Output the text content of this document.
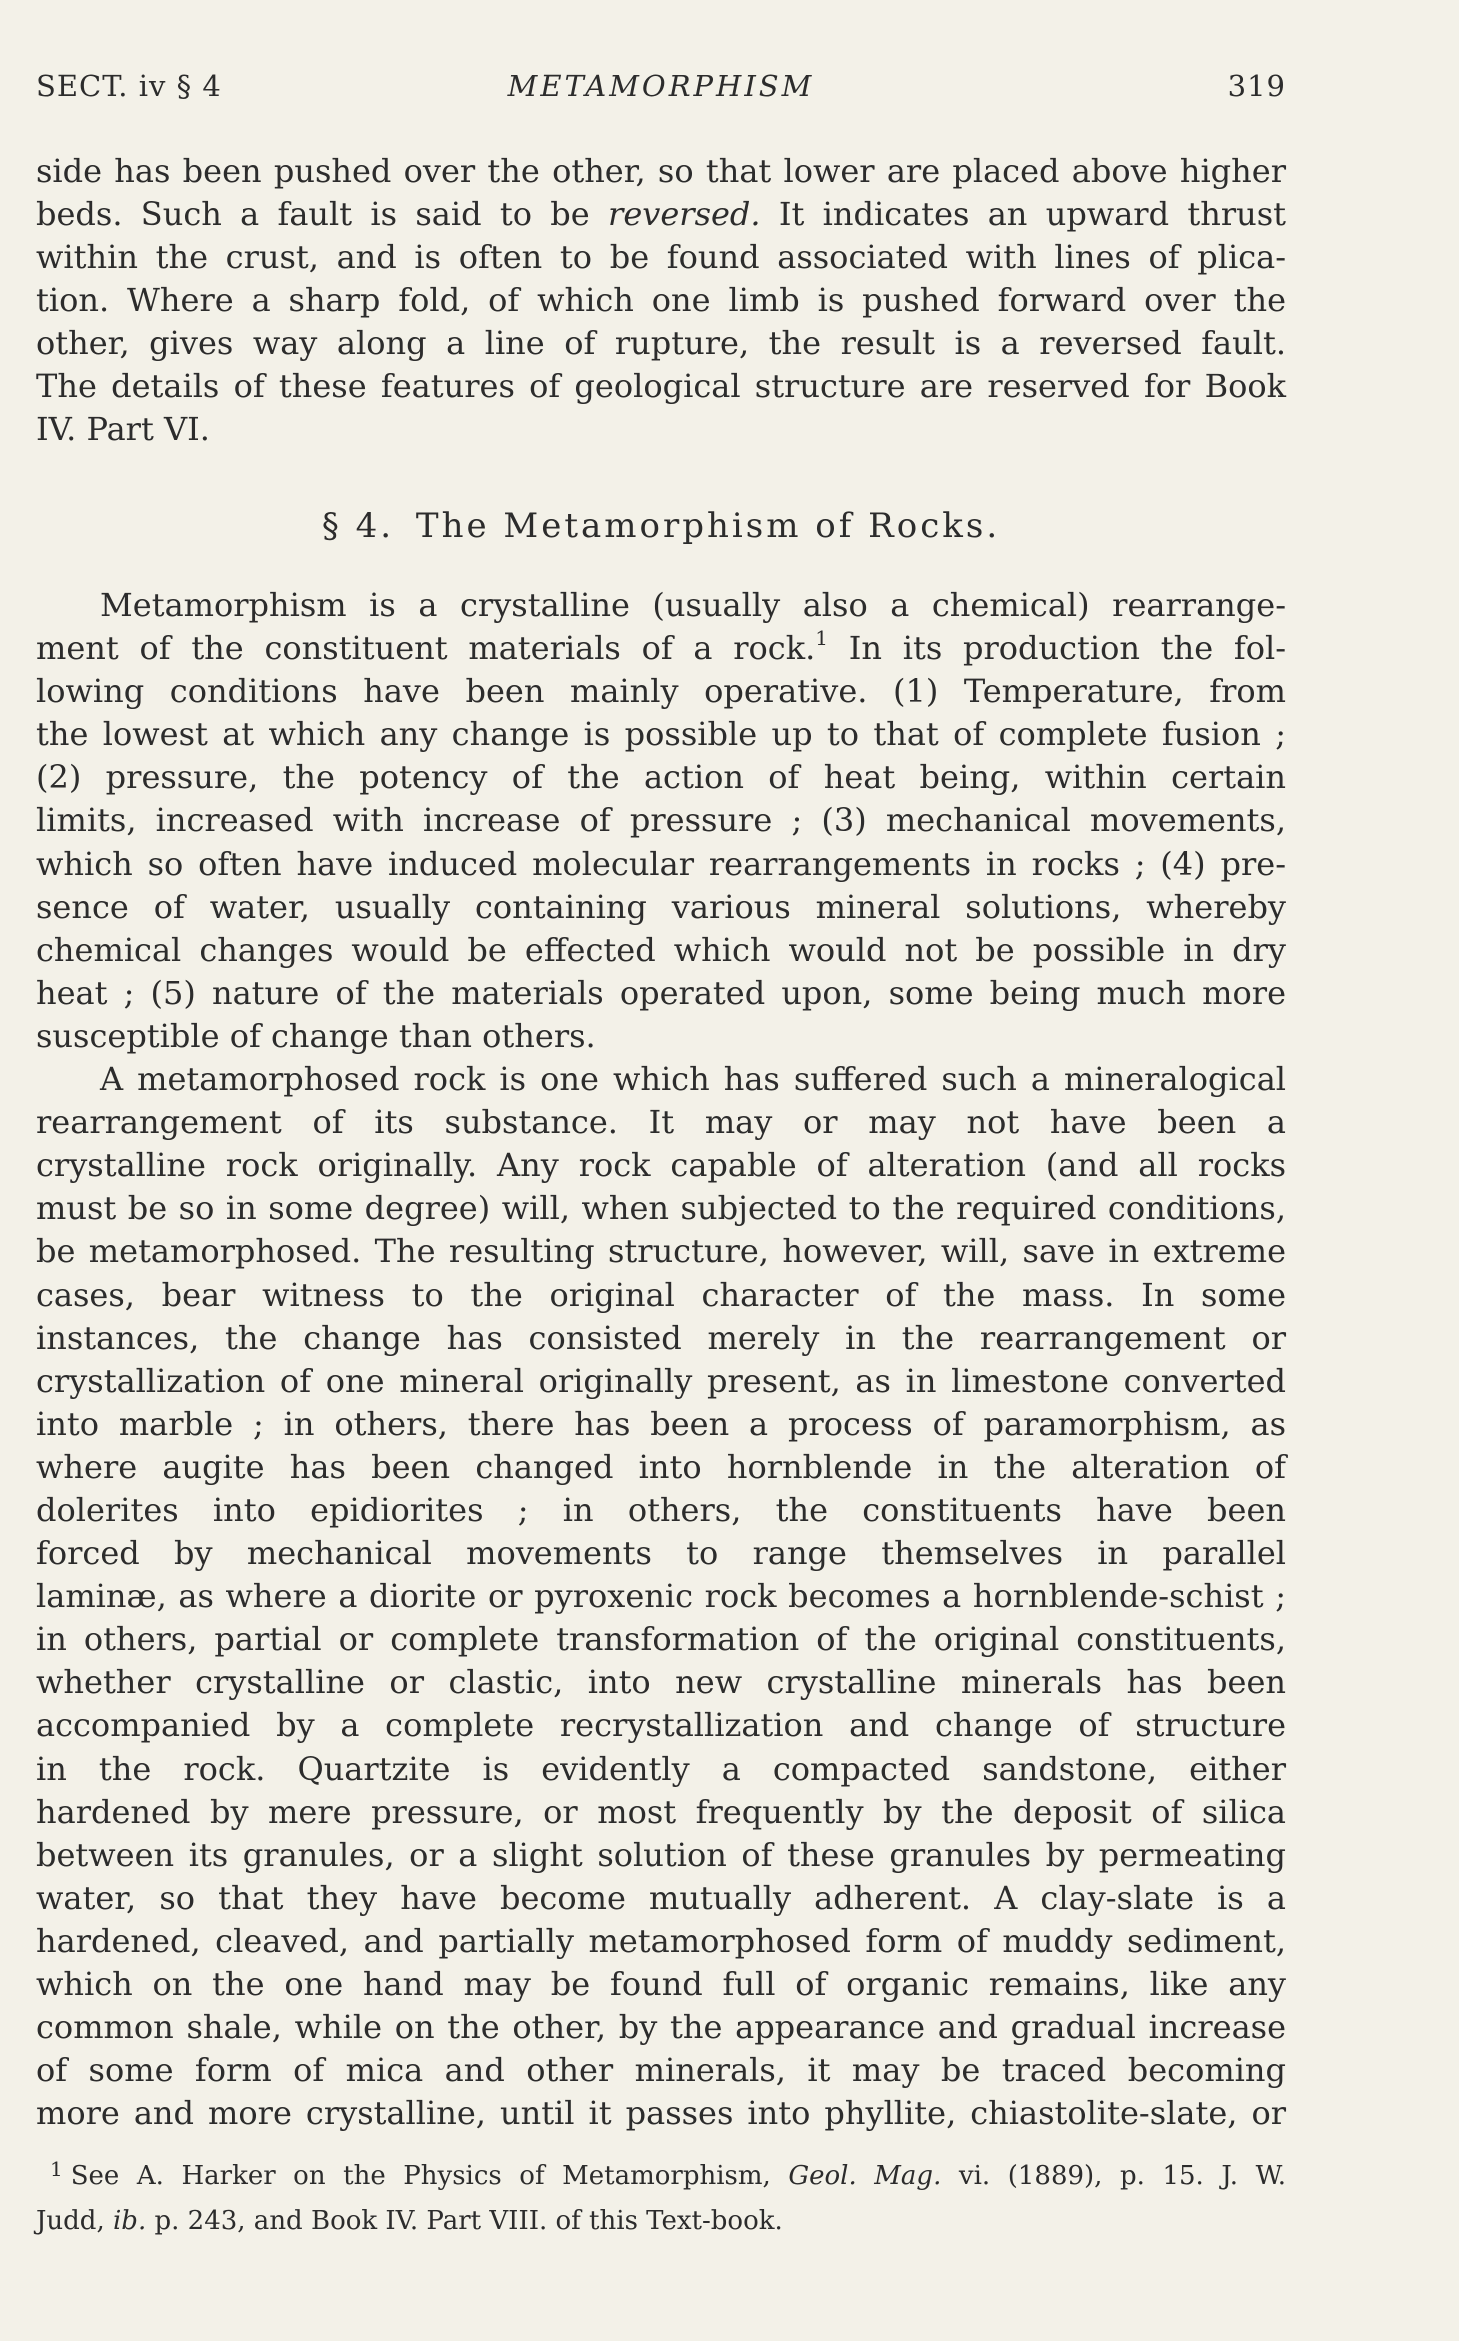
SECT. iv § 4	METAMORPHISM	319
side has been pushed over the other, so that lower are placed above higher
beds. Such a fault is said to be reversed. It indicates an upward thrust
within the crust, and is often to be found associated with lines of plica-
tion. Where a sharp fold, of which one limb is pushed forward over the
other, gives way along a line of rupture, the result is a reversed fault.
The details of these features of geological structure are reserved for Book
IV. Part VI.
§ 4. The Metamorphism of Rocks.
Metamorphism is a crystalline (usually also a chemical) rearrange-
ment of the constituent materials of a rock.$^1$ In its production the fol-
lowing conditions have been mainly operative. (1) Temperature, from
the lowest at which any change is possible up to that of complete fusion ;
(2) pressure, the potency of the action of heat being, within certain
limits, increased with increase of pressure ; (3) mechanical movements,
which so often have induced molecular rearrangements in rocks ; (4) pre-
sence of water, usually containing various mineral solutions, whereby
chemical changes would be effected which would not be possible in dry
heat ; (5) nature of the materials operated upon, some being much more
susceptible of change than others.
A metamorphosed rock is one which has suffered such a mineralogical
rearrangement of its substance. It may or may not have been a
crystalline rock originally. Any rock capable of alteration (and all rocks
must be so in some degree) will, when subjected to the required conditions,
be metamorphosed. The resulting structure, however, will, save in extreme
cases, bear witness to the original character of the mass. In some
instances, the change has consisted merely in the rearrangement or
crystallization of one mineral originally present, as in limestone converted
into marble ; in others, there has been a process of paramorphism, as
where augite has been changed into hornblende in the alteration of
dolerites into epidiorites ; in others, the constituents have been
forced by mechanical movements to range themselves in parallel
laminæ, as where a diorite or pyroxenic rock becomes a hornblende-schist ;
in others, partial or complete transformation of the original constituents,
whether crystalline or clastic, into new crystalline minerals has been
accompanied by a complete recrystallization and change of structure
in the rock. Quartzite is evidently a compacted sandstone, either
hardened by mere pressure, or most frequently by the deposit of silica
between its granules, or a slight solution of these granules by permeating
water, so that they have become mutually adherent. A clay-slate is a
hardened, cleaved, and partially metamorphosed form of muddy sediment,
which on the one hand may be found full of organic remains, like any
common shale, while on the other, by the appearance and gradual increase
of some form of mica and other minerals, it may be traced becoming
more and more crystalline, until it passes into phyllite, chiastolite-slate, or
$^1$ See A. Harker on the Physics of Metamorphism, Geol. Mag. vi. (1889), p. 15. J. W.
Judd, ib. p. 243, and Book IV. Part VIII. of this Text-book.
